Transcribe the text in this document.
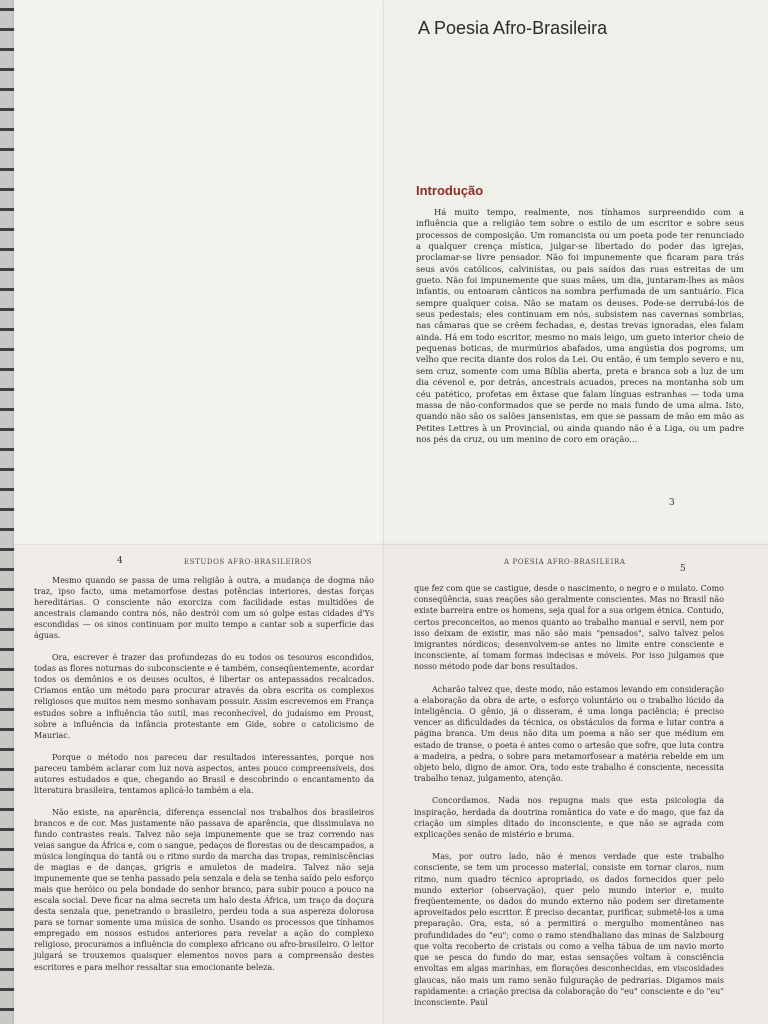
A Poesia Afro-Brasileira
Introdução

Há muito tempo, realmente, nos tínhamos surpreendido com a influência que a religião tem sobre o estilo de um escritor e sobre seus processos de composição. Um romancista ou um poeta pode ter renunciado a qualquer crença mística, julgar-se libertado do poder das igrejas, proclamar-se livre pensador. Não foi impunemente que ficaram para trás seus avós católicos, calvinistas, ou pais saídos das ruas estreitas de um gueto. Não foi impunemente que suas mães, um dia, juntaram-lhes as mãos infantis, ou entoaram cânticos na sombra perfumada de um santuário. Fica sempre qualquer coisa. Não se matam os deuses. Pode-se derrubá-los de seus pedestais; eles continuam em nós, subsistem nas cavernas sombrias, nas câmaras que se crêem fechadas, e, destas trevas ignoradas, eles falam ainda. Há em todo escritor, mesmo no mais leigo, um gueto interior cheio de pequenas boticas, de murmúrios abafados, uma angústia dos pogroms, um velho que recita diante dos rolos da Lei. Ou então, é um templo severo e nu, sem cruz, somente com uma Bíblia aberta, preta e branca sob a luz de um dia cévenol e, por detrás, ancestrais acuados, preces na montanha sob um céu patético, profetas em êxtase que falam línguas estranhas — toda uma massa de não-conformados que se perde no mais fundo de uma alma. Isto, quando não são os salões jansenistas, em que se passam de mão em mão as Petites Lettres à un Provincial, ou ainda quando não é a Liga, ou um padre nos pés da cruz, ou um menino de coro em oração...

3
4	ESTUDOS AFRO-BRASILEIROS

Mesmo quando se passa de uma religião à outra, a mudança de dogma não traz, ipso facto, uma metamorfose destas potências interiores, destas forças hereditárias. O consciente não exorciza com facilidade estas multidões de ancestrais clamando contra nós, não destrói com um só golpe estas cidades d'Ys escondidas — os sinos continuam por muito tempo a cantar sob a superfície das águas.

Ora, escrever é trazer das profundezas do eu todos os tesouros escondidos, todas as flores noturnas do subconsciente e é também, conseqüentemente, acordar todos os demônios e os deuses ocultos, é libertar os antepassados recalcados. Criamos então um método para procurar através da obra escrita os complexos religiosos que muitos nem mesmo sonhavam possuir. Assim escrevemos em França estudos sobre a influência tão sutil, mas reconhecível, do judaísmo em Proust, sobre a influência da infância protestante em Gide, sobre o catolicismo de Mauriac.

Porque o método nos pareceu dar resultados interessantes, porque nos pareceu também aclarar com luz nova aspectos, antes pouco compreensíveis, dos autores estudados e que, chegando ao Brasil e descobrindo o encantamento da literatura brasileira, tentamos aplicá-lo também a ela.

Não existe, na aparência, diferença essencial nos trabalhos dos brasileiros brancos e de cor. Mas justamente não passava de aparência, que dissimulava no fundo contrastes reais. Talvez não seja impunemente que se traz correndo nas veias sangue da África e, com o sangue, pedaços de florestas ou de descampados, a música longínqua do tantã ou o ritmo surdo da marcha das tropas, reminiscências de magias e de danças, grigris e amuletos de madeira. Talvez não seja impunemente que se tenha passado pela senzala e dela se tenha saído pelo esforço mais que heróico ou pela bondade do senhor branco, para subir pouco a pouco na escala social. Deve ficar na alma secreta um halo desta África, um traço da doçura desta senzala que, penetrando o brasileiro, perdeu toda a sua aspereza dolorosa para se tornar somente uma música de sonho. Usando os processos que tínhamos empregado em nossos estudos anteriores para revelar a ação do complexo religioso, procuramos a influência do complexo africano ou afro-brasileiro. O leitor julgará se trouxemos quaisquer elementos novos para a compreensão destes escritores e para melhor ressaltar sua emocionante beleza.

A POESIA AFRO-BRASILEIRA
5

que fez com que se castigue, desde o nascimento, o negro e o mulato. Como conseqüência, suas reações são geralmente conscientes. Mas no Brasil não existe barreira entre os homens, seja qual for a sua origem étnica. Contudo, certos preconceitos, ao menos quanto ao trabalho manual e servil, nem por isso deixam de existir, mas não são mais "pensados", salvo talvez pelos imigrantes nórdicos; desenvolvem-se antes no limite entre consciente e inconsciente, aí tomam formas indecisas e móveis. Por isso julgamos que nosso método pode dar bons resultados.

Acharão talvez que, deste modo, não estamos levando em consideração a elaboração da obra de arte, o esforço voluntário ou o trabalho lúcido da inteligência. O gênio, já o disseram, é uma longa paciência; é preciso vencer as dificuldades da técnica, os obstáculos da forma e lutar contra a página branca. Um deus não dita um poema a não ser que médium em estado de transe, o poeta é antes como o artesão que sofre, que luta contra a madeira, a pedra, o sobre para metamorfosear a matéria rebelde em um objeto belo, digno de amor. Ora, todo este trabalho é consciente, necessita trabalho tenaz, julgamento, atenção.

Concordamos. Nada nos repugna mais que esta psicologia da inspiração, herdada da doutrina romântica do vate e do mago, que faz da criação um simples ditado do inconsciente, e que não se agrada com explicações senão de mistério e bruma.

Mas, por outro lado, não é menos verdade que este trabalho consciente, se tem um processo material, consiste em tornar claros, num ritmo, num quadro técnico apropriado, os dados fornecidos quer pelo mundo exterior (observação), quer pelo mundo interior e, muito freqüentemente, os dados do mundo externo não podem ser diretamente aproveitados pelo escritor. É preciso decantar, purificar, submetê-los a uma preparação. Ora, esta, só a permitirá o mergulho momentâneo nas profundidades do "eu"; como o ramo stendhaliano das minas de Salzbourg que volta recoberto de cristais ou como a velha tábua de um navio morto que se pesca do fundo do mar, estas sensações voltam à consciência envoltas em algas marinhas, em florações desconhecidas, em viscosidades glaucas, não mais um ramo senão fulguração de pedrarias. Digamos mais rapidamente: a criação precisa da colaboração do "eu" consciente e do "eu" inconsciente. Paul
